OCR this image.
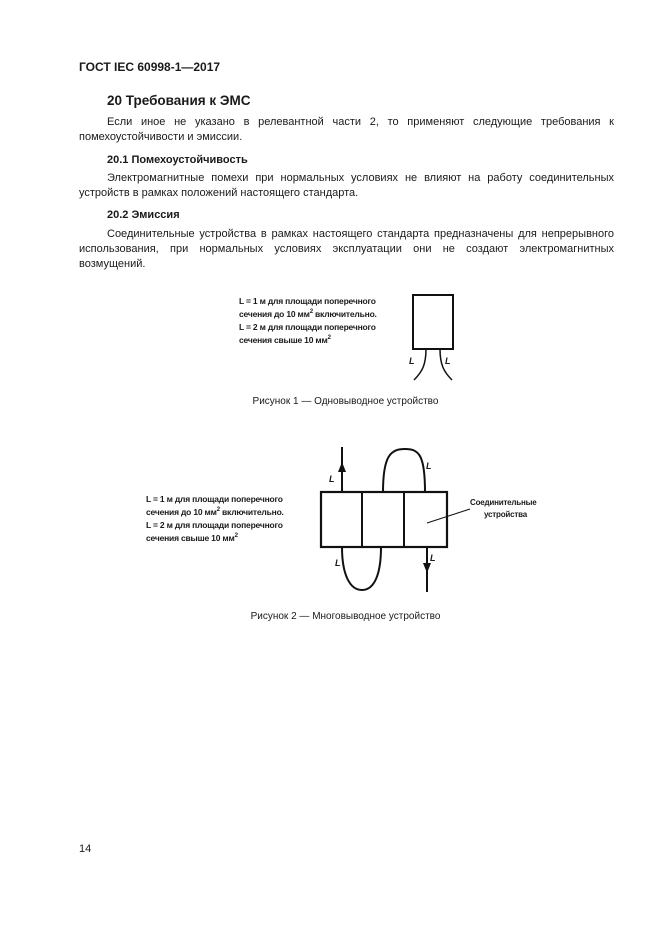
ГОСТ IEC 60998-1—2017
20 Требования к ЭМС
Если иное не указано в релевантной части 2, то применяют следующие требования к помехоустойчивости и эмиссии.
20.1 Помехоустойчивость
Электромагнитные помехи при нормальных условиях не влияют на работу соединительных устройств в рамках положений настоящего стандарта.
20.2 Эмиссия
Соединительные устройства в рамках настоящего стандарта предназначены для непрерывного использования, при нормальных условиях эксплуатации они не создают электромагнитных возмущений.
L = 1 м для площади поперечного
сечения до 10 $мм^2$ включительно.
L = 2 м для площади поперечного
сечения свыше 10 $мм^2$
L	L
Рисунок 1 — Одновыводное устройство
L = 1 м для площади поперечного
сечения до 10 $мм^2$ включительно.
L = 2 м для площади поперечного
сечения свыше 10 $мм^2$
L
L
L	L
Соединительные
устройства
Рисунок 2 — Многовыводное устройство
14
